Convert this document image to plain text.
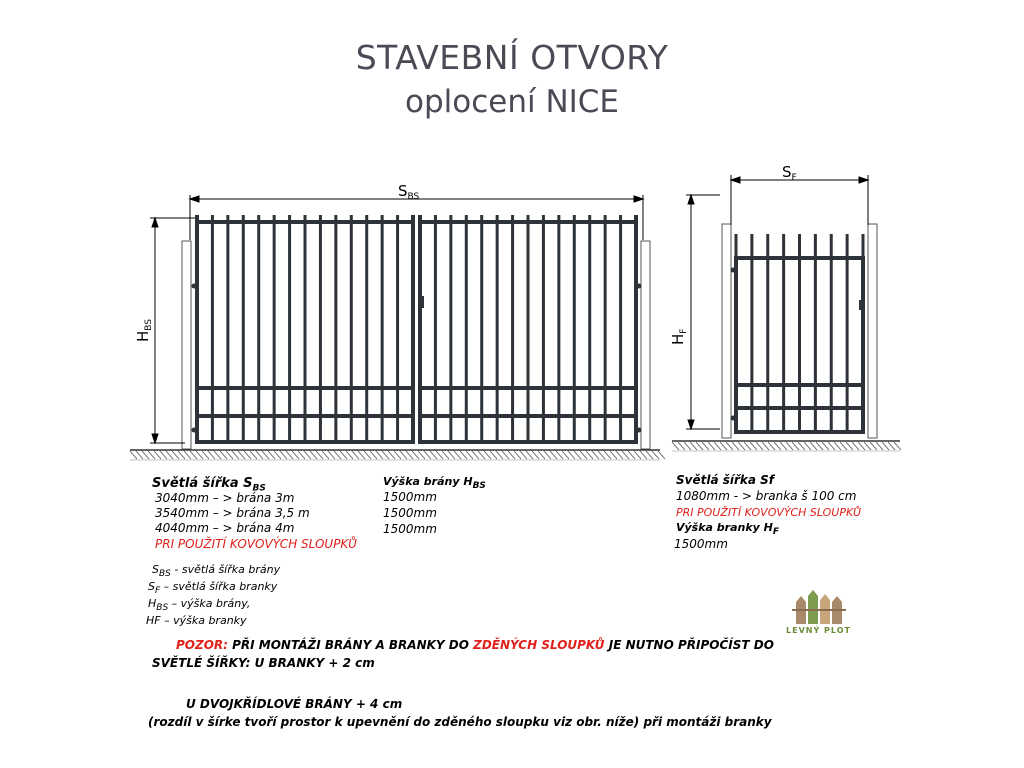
STAVEBNÍ OTVORY
oplocení NICE
$S_{BS}$
$S_F$
$H_{BS}$
$H_F$
Světlá šířka $S_{BS}$
3040mm – > brána 3m
3540mm – > brána 3,5 m
4040mm – > brána 4m
PRI POUŽITÍ KOVOVÝCH SLOUPKŮ
Výška brány $H_{BS}$
1500mm
1500mm
1500mm
Světlá šířka Sf
1080mm - > branka š 100 cm
PRI POUŽITÍ KOVOVÝCH SLOUPKŮ
Výška branky $H_F$
1500mm
$S_{BS}$ - světlá šířka brány
$S_F$ – světlá šířka branky
$H_{BS}$ – výška brány,
HF – výška branky
LEVNÝ PLOT
POZOR: PŘI MONTÁŽI BRÁNY A BRANKY DO ZDĚNÝCH SLOUPKŮ JE NUTNO PŘIPOČÍST DO
SVĚTLÉ ŠÍŘKY: U BRANKY + 2 cm
U DVOJKŘÍDLOVÉ BRÁNY + 4 cm
(rozdíl v šírke tvoří prostor k upevnění do zděného sloupku viz obr. níže) při montáži branky
